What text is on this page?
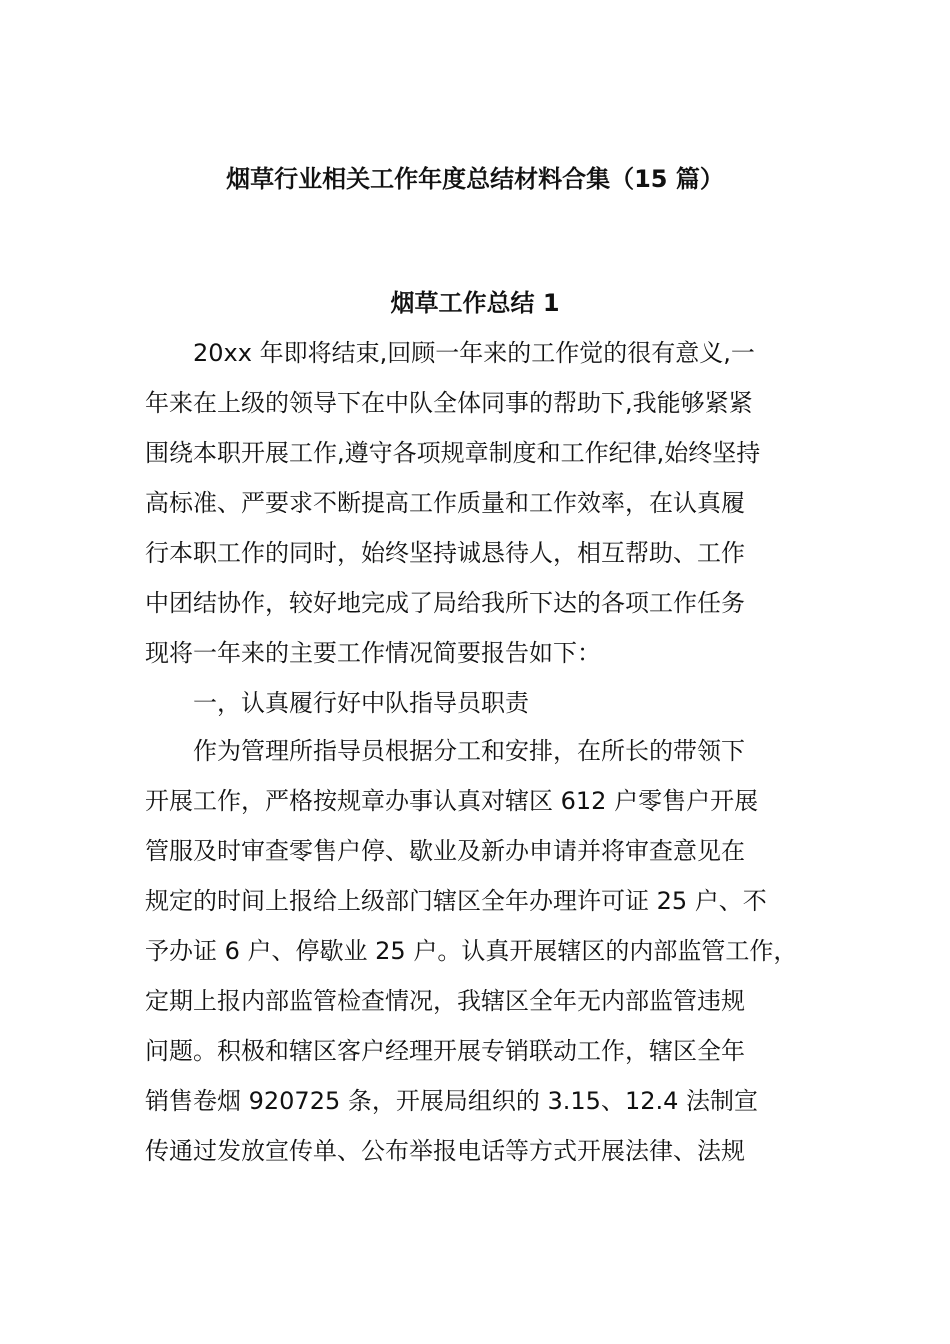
烟草行业相关工作年度总结材料合集（15 篇）
烟草工作总结 1

20xx 年即将结束,回顾一年来的工作觉的很有意义,一

年来在上级的领导下在中队全体同事的帮助下,我能够紧紧

围绕本职开展工作,遵守各项规章制度和工作纪律,始终坚持

高标准、严要求不断提高工作质量和工作效率，在认真履

行本职工作的同时，始终坚持诚恳待人，相互帮助、工作

中团结协作，较好地完成了局给我所下达的各项工作任务

现将一年来的主要工作情况简要报告如下：

一，认真履行好中队指导员职责

作为管理所指导员根据分工和安排，在所长的带领下

开展工作，严格按规章办事认真对辖区 612 户零售户开展

管服及时审查零售户停、歇业及新办申请并将审查意见在

规定的时间上报给上级部门辖区全年办理许可证 25 户、不

予办证 6 户、停歇业 25 户。认真开展辖区的内部监管工作，

定期上报内部监管检查情况，我辖区全年无内部监管违规

问题。积极和辖区客户经理开展专销联动工作，辖区全年

销售卷烟 920725 条，开展局组织的 3.15、12.4 法制宣

传通过发放宣传单、公布举报电话等方式开展法律、法规
